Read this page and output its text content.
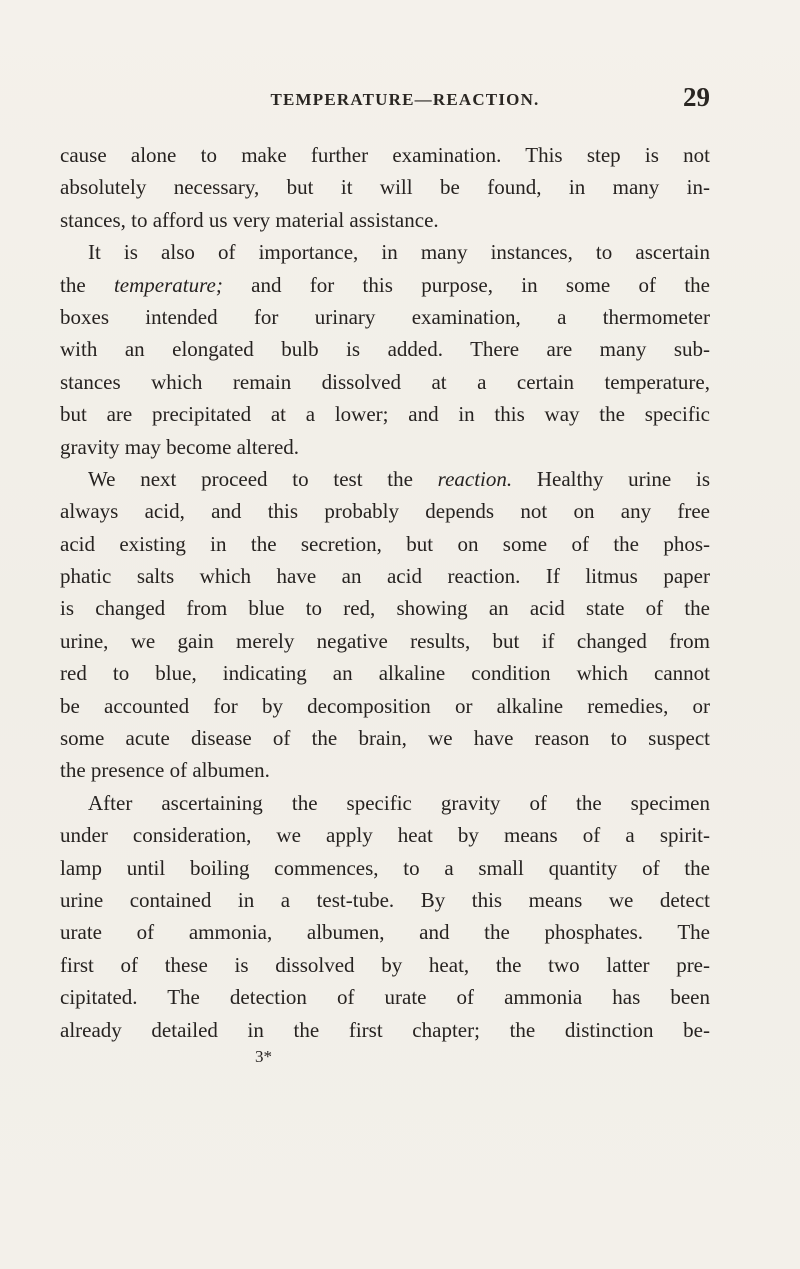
TEMPERATURE—REACTION.	29
cause alone to make further examination. This step is not
absolutely necessary, but it will be found, in many in-
stances, to afford us very material assistance.
It is also of importance, in many instances, to ascertain
the temperature; and for this purpose, in some of the
boxes intended for urinary examination, a thermometer
with an elongated bulb is added. There are many sub-
stances which remain dissolved at a certain temperature,
but are precipitated at a lower; and in this way the specific
gravity may become altered.
We next proceed to test the reaction. Healthy urine is
always acid, and this probably depends not on any free
acid existing in the secretion, but on some of the phos-
phatic salts which have an acid reaction. If litmus paper
is changed from blue to red, showing an acid state of the
urine, we gain merely negative results, but if changed from
red to blue, indicating an alkaline condition which cannot
be accounted for by decomposition or alkaline remedies, or
some acute disease of the brain, we have reason to suspect
the presence of albumen.
After ascertaining the specific gravity of the specimen
under consideration, we apply heat by means of a spirit-
lamp until boiling commences, to a small quantity of the
urine contained in a test-tube. By this means we detect
urate of ammonia, albumen, and the phosphates. The
first of these is dissolved by heat, the two latter pre-
cipitated. The detection of urate of ammonia has been
already detailed in the first chapter; the distinction be-
3*
